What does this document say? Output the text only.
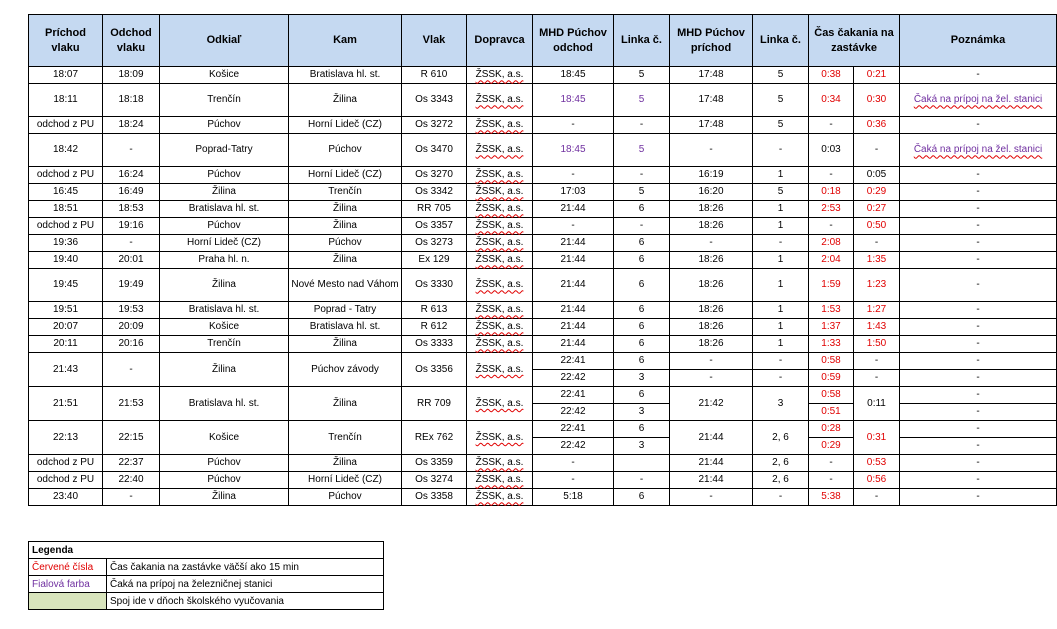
Príchod vlaku	Odchod vlaku	Odkiaľ	Kam	Vlak	Dopravca	MHD Púchov odchod	Linka č.	MHD Púchov príchod	Linka č.	Čas čakania na zastávke		Poznámka
18:07	18:09	Košice	Bratislava hl. st.	R 610	ŽSSK, a.s.	18:45	5	17:48	5	0:38	0:21	-
18:11	18:18	Trenčín	Žilina	Os 3343	ŽSSK, a.s.	18:45	5	17:48	5	0:34	0:30	Čaká na prípoj na žel. stanici
odchod z PU	18:24	Púchov	Horní Lideč (CZ)	Os 3272	ŽSSK, a.s.	-	-	17:48	5	-	0:36	-
18:42	-	Poprad-Tatry	Púchov	Os 3470	ŽSSK, a.s.	18:45	5	-	-	0:03	-	Čaká na prípoj na žel. stanici
odchod z PU	16:24	Púchov	Horní Lideč (CZ)	Os 3270	ŽSSK, a.s.	-	-	16:19	1	-	0:05	-
16:45	16:49	Žilina	Trenčín	Os 3342	ŽSSK, a.s.	17:03	5	16:20	5	0:18	0:29	-
18:51	18:53	Bratislava hl. st.	Žilina	RR 705	ŽSSK, a.s.	21:44	6	18:26	1	2:53	0:27	-
odchod z PU	19:16	Púchov	Žilina	Os 3357	ŽSSK, a.s.	-	-	18:26	1	-	0:50	-
19:36	-	Horní Lideč (CZ)	Púchov	Os 3273	ŽSSK, a.s.	21:44	6	-	-	2:08	-	-
19:40	20:01	Praha hl. n.	Žilina	Ex 129	ŽSSK, a.s.	21:44	6	18:26	1	2:04	1:35	-
19:45	19:49	Žilina	Nové Mesto nad Váhom	Os 3330	ŽSSK, a.s.	21:44	6	18:26	1	1:59	1:23	-
19:51	19:53	Bratislava hl. st.	Poprad - Tatry	R 613	ŽSSK, a.s.	21:44	6	18:26	1	1:53	1:27	-
20:07	20:09	Košice	Bratislava hl. st.	R 612	ŽSSK, a.s.	21:44	6	18:26	1	1:37	1:43	-
20:11	20:16	Trenčín	Žilina	Os 3333	ŽSSK, a.s.	21:44	6	18:26	1	1:33	1:50	-
21:43	-	Žilina	Púchov závody	Os 3356	ŽSSK, a.s.	22:41	6	-	-	0:58	-	-
						22:42	3	-	-	0:59	-	-
21:51	21:53	Bratislava hl. st.	Žilina	RR 709	ŽSSK, a.s.	22:41	6	21:42	3	0:58	0:11	-
						22:42	3			0:51		-
22:13	22:15	Košice	Trenčín	REx 762	ŽSSK, a.s.	22:41	6	21:44	2, 6	0:28	0:31	-
						22:42	3			0:29		-
odchod z PU	22:37	Púchov	Žilina	Os 3359	ŽSSK, a.s.	-		21:44	2, 6	-	0:53	-
odchod z PU	22:40	Púchov	Horní Lideč (CZ)	Os 3274	ŽSSK, a.s.	-	-	21:44	2, 6	-	0:56	-
23:40	-	Žilina	Púchov	Os 3358	ŽSSK, a.s.	5:18	6	-	-	5:38	-	-
Legenda	
Červené čísla	Čas čakania na zastávke väčší ako 15 min
Fialová farba	Čaká na prípoj na železničnej stanici
	Spoj ide v dňoch školského vyučovania
